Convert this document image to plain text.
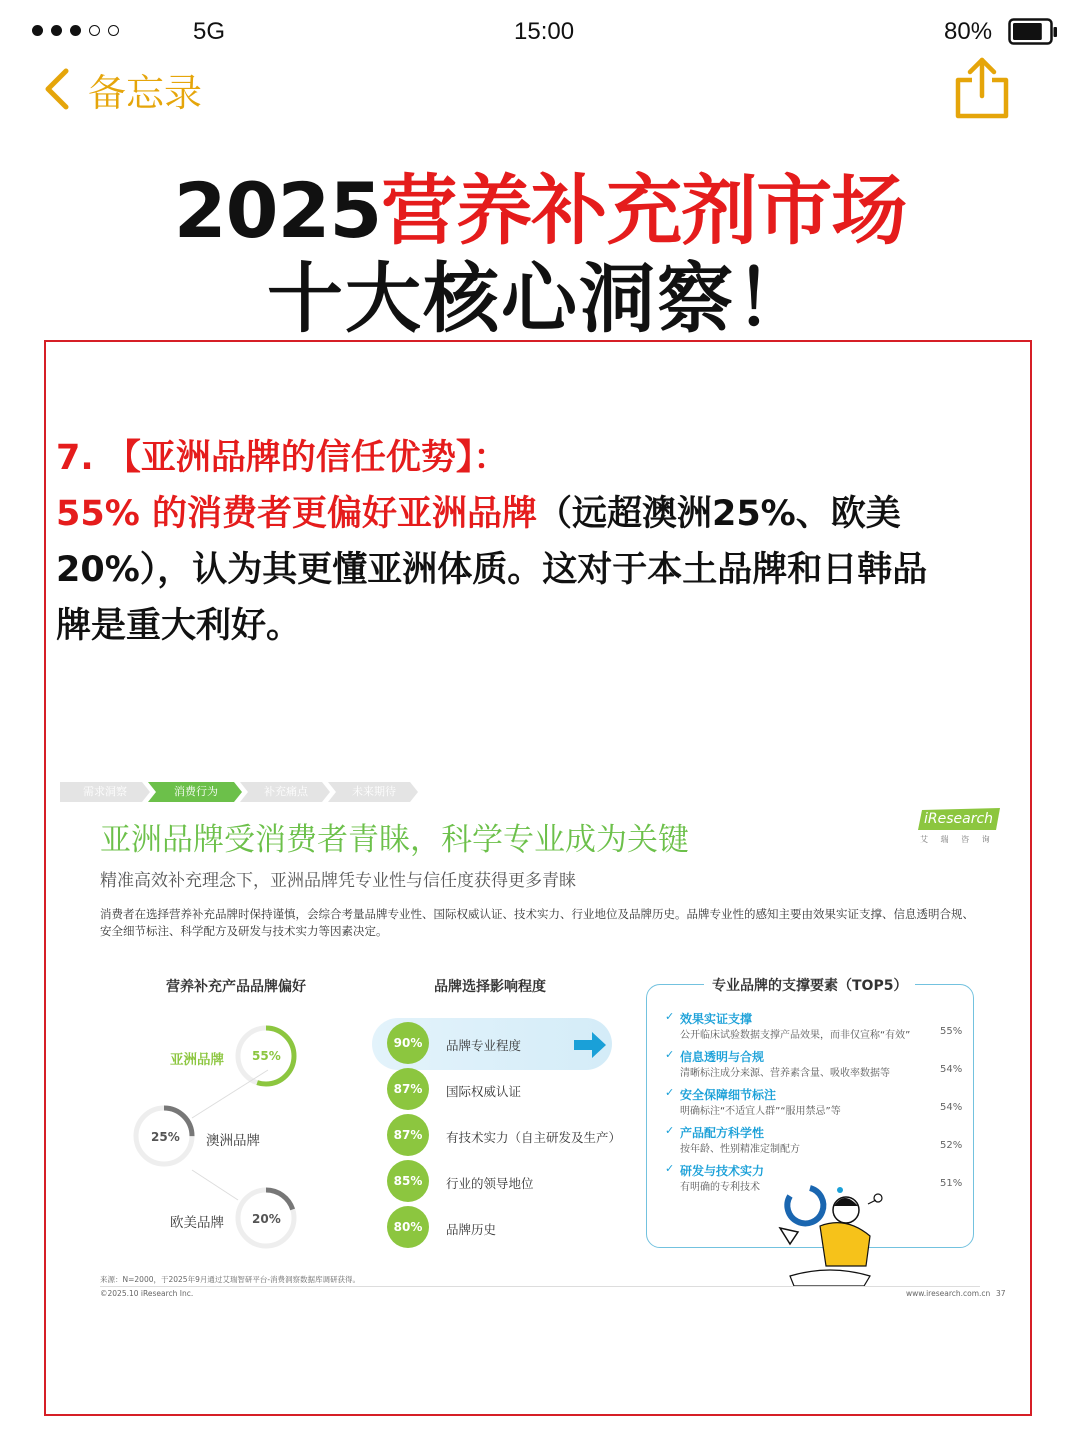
5G	15:00	80%
备忘录
2025营养补充剂市场
十大核心洞察！
7. 【亚洲品牌的信任优势】：
55% 的消费者更偏好亚洲品牌（远超澳洲25%、欧美
20%），认为其更懂亚洲体质。这对于本土品牌和日韩品
牌是重大利好。
需求洞察	消费行为	补充痛点	未来期待
iResearch
艾 瑞 咨 询
亚洲品牌受消费者青睐，科学专业成为关键
精准高效补充理念下，亚洲品牌凭专业性与信任度获得更多青睐
消费者在选择营养补充品牌时保持谨慎，会综合考量品牌专业性、国际权威认证、技术实力、行业地位及品牌历史。品牌专业性的感知主要由效果实证支撑、信息透明合规、安全细节标注、科学配方及研发与技术实力等因素决定。
营养补充产品品牌偏好
亚洲品牌 55%
澳洲品牌
25%
欧美品牌 20%
品牌选择影响程度	专业品牌的支撑要素（TOP5）
来源：N=2000，于2025年9月通过艾瑞智研平台-消费洞察数据库调研获得。
©2025.10 iResearch Inc.	www.iresearch.com.cn 37
90%	品牌专业程度
87%	国际权威认证
87%	有技术实力（自主研发及生产）
85%	行业的领导地位
80%	品牌历史
✓ 效果实证支撑
公开临床试验数据支撑产品效果，而非仅宣称“有效”	55%
✓ 信息透明与合规
清晰标注成分来源、营养素含量、吸收率数据等	54%
✓ 安全保障细节标注
明确标注“不适宜人群”“服用禁忌”等	54%
✓ 产品配方科学性
按年龄、性别精准定制配方	52%
✓ 研发与技术实力
有明确的专利技术	51%
